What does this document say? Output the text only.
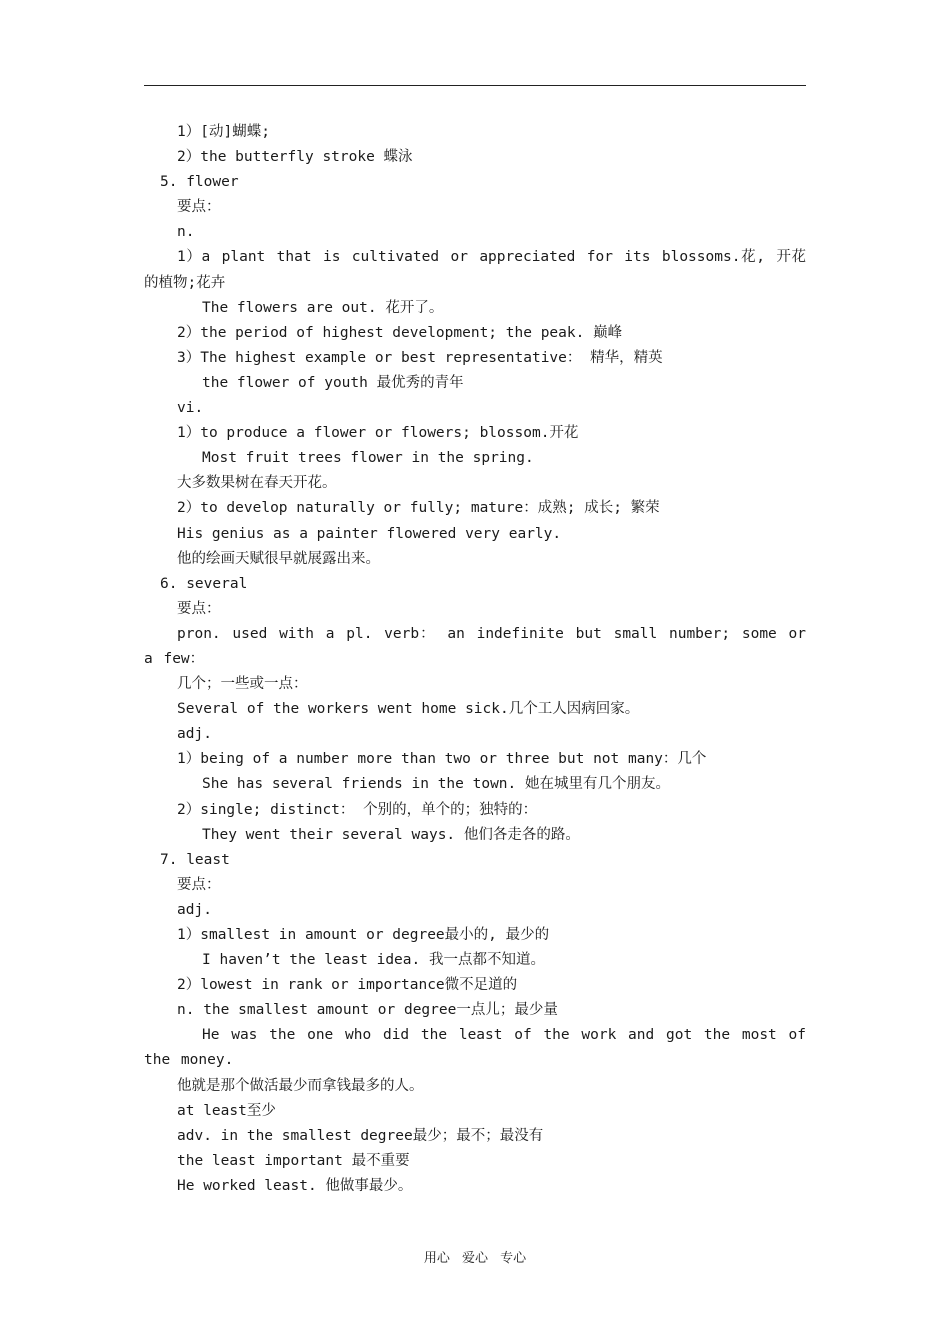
1）[动]蝴蝶;
2）the butterfly stroke 蝶泳
5. flower
要点：
n.
1）a plant that is cultivated or appreciated for its blossoms.花, 开花的植物;花卉
The flowers are out. 花开了。
2）the period of highest development; the peak. 巅峰
3）The highest example or best representative： 精华，精英
the flower of youth 最优秀的青年
vi.
1）to produce a flower or flowers; blossom.开花
Most fruit trees flower in the spring.
大多数果树在春天开花。
2）to develop naturally or fully; mature：成熟; 成长; 繁荣
His genius as a painter flowered very early.
他的绘画天赋很早就展露出来。
6. several
要点：
pron. used with a pl. verb： an indefinite but small number; some or a few：
几个；一些或一点：
Several of the workers went home sick.几个工人因病回家。
adj.
1）being of a number more than two or three but not many：几个
She has several friends in the town. 她在城里有几个朋友。
2）single; distinct： 个别的，单个的；独特的：
They went their several ways. 他们各走各的路。
7. least
要点：
adj.
1）smallest in amount or degree最小的, 最少的
I haven’t the least idea. 我一点都不知道。
2）lowest in rank or importance微不足道的
n. the smallest amount or degree一点儿；最少量
He was the one who did the least of the work and got the most of the money.
他就是那个做活最少而拿钱最多的人。
at least至少
adv. in the smallest degree最少；最不；最没有
the least important 最不重要
He worked least. 他做事最少。
用心 爱心 专心
